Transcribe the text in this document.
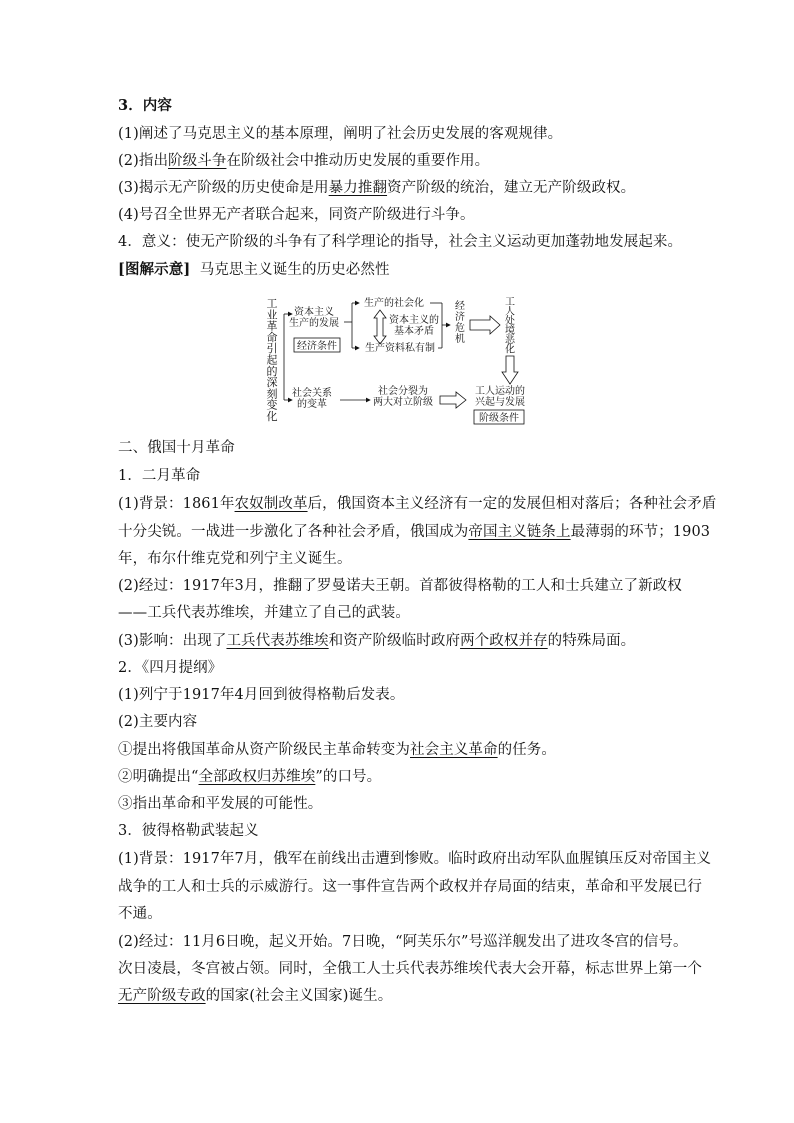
3．内容
(1)阐述了马克思主义的基本原理，阐明了社会历史发展的客观规律。
(2)指出阶级斗争在阶级社会中推动历史发展的重要作用。
(3)揭示无产阶级的历史使命是用暴力推翻资产阶级的统治，建立无产阶级政权。
(4)号召全世界无产者联合起来，同资产阶级进行斗争。
4．意义：使无产阶级的斗争有了科学理论的指导，社会主义运动更加蓬勃地发展起来。
[图解示意] 马克思主义诞生的历史必然性
工
业
革
命
引
起
的
深
刻
变
化
资本主义
生产的发展
经济条件
生产的社会化
生产资料私有制
资本主义的
基本矛盾
经
济
危
机
工
人
处
境
恶
化
社会关系
的变革
社会分裂为
两大对立阶级
工人运动的
兴起与发展
阶级条件
二、俄国十月革命
1．二月革命
(1)背景：1861年农奴制改革后，俄国资本主义经济有一定的发展但相对落后；各种社会矛盾
十分尖锐。一战进一步激化了各种社会矛盾，俄国成为帝国主义链条上最薄弱的环节；1903
年，布尔什维克党和列宁主义诞生。
(2)经过：1917年3月，推翻了罗曼诺夫王朝。首都彼得格勒的工人和士兵建立了新政权
——工兵代表苏维埃，并建立了自己的武装。
(3)影响：出现了工兵代表苏维埃和资产阶级临时政府两个政权并存的特殊局面。
2．《四月提纲》
(1)列宁于1917年4月回到彼得格勒后发表。
(2)主要内容
①提出将俄国革命从资产阶级民主革命转变为社会主义革命的任务。
②明确提出“全部政权归苏维埃”的口号。
③指出革命和平发展的可能性。
3．彼得格勒武装起义
(1)背景：1917年7月，俄军在前线出击遭到惨败。临时政府出动军队血腥镇压反对帝国主义
战争的工人和士兵的示威游行。这一事件宣告两个政权并存局面的结束，革命和平发展已行
不通。
(2)经过：11月6日晚，起义开始。7日晚，“阿芙乐尔”号巡洋舰发出了进攻冬宫的信号。
次日凌晨，冬宫被占领。同时，全俄工人士兵代表苏维埃代表大会开幕，标志世界上第一个
无产阶级专政的国家(社会主义国家)诞生。
